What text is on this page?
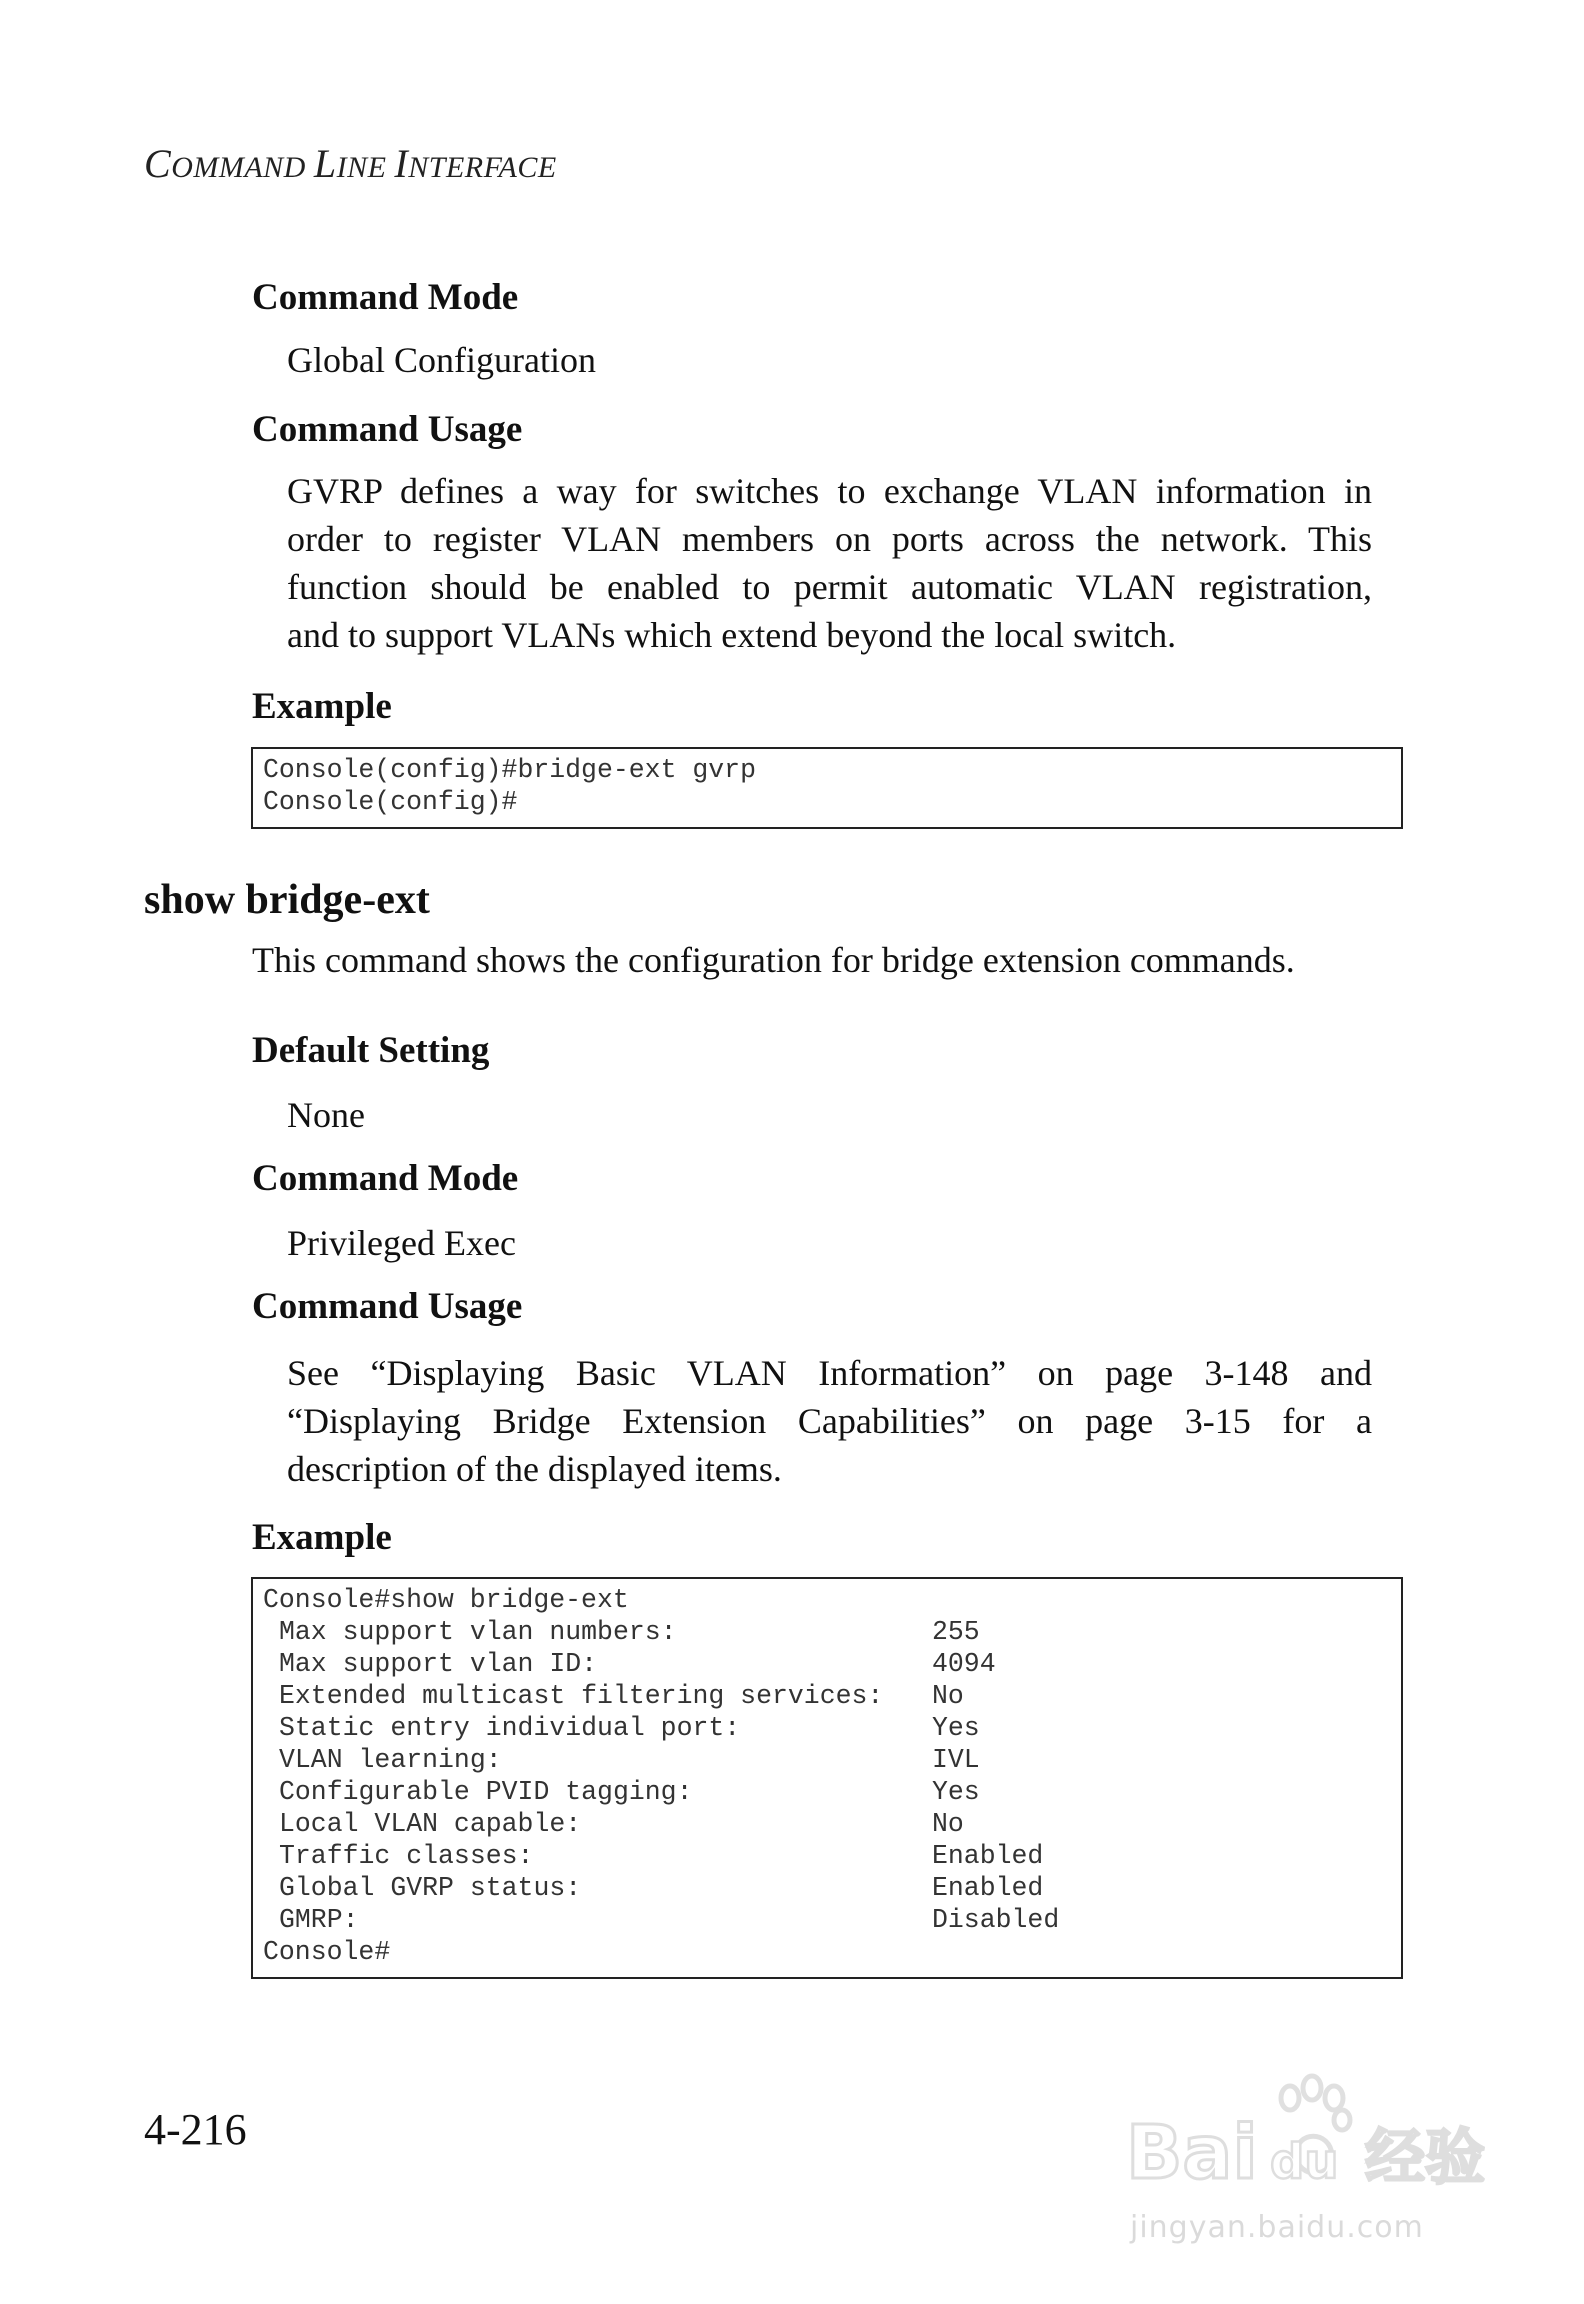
COMMAND LINE INTERFACE
Command Mode
Global Configuration
Command Usage
GVRP defines a way for switches to exchange VLAN information in
order to register VLAN members on ports across the network. This
function should be enabled to permit automatic VLAN registration,
and to support VLANs which extend beyond the local switch.
Example
Console(config)#bridge-ext gvrp
Console(config)#
show bridge-ext
This command shows the configuration for bridge extension commands.
Default Setting
None
Command Mode
Privileged Exec
Command Usage
See “Displaying Basic VLAN Information” on page 3-148 and
“Displaying Bridge Extension Capabilities” on page 3-15 for a
description of the displayed items.
Example
Console#show bridge-ext
Max support vlan numbers:	255
Max support vlan ID:	4094
Extended multicast filtering services:	No
Static entry individual port:	Yes
VLAN learning:	IVL
Configurable PVID tagging:	Yes
Local VLAN capable:	No
Traffic classes:	Enabled
Global GVRP status:	Enabled
GMRP:	Disabled
Console#
4-216	Bai du 经验
jingyan.baidu.com
